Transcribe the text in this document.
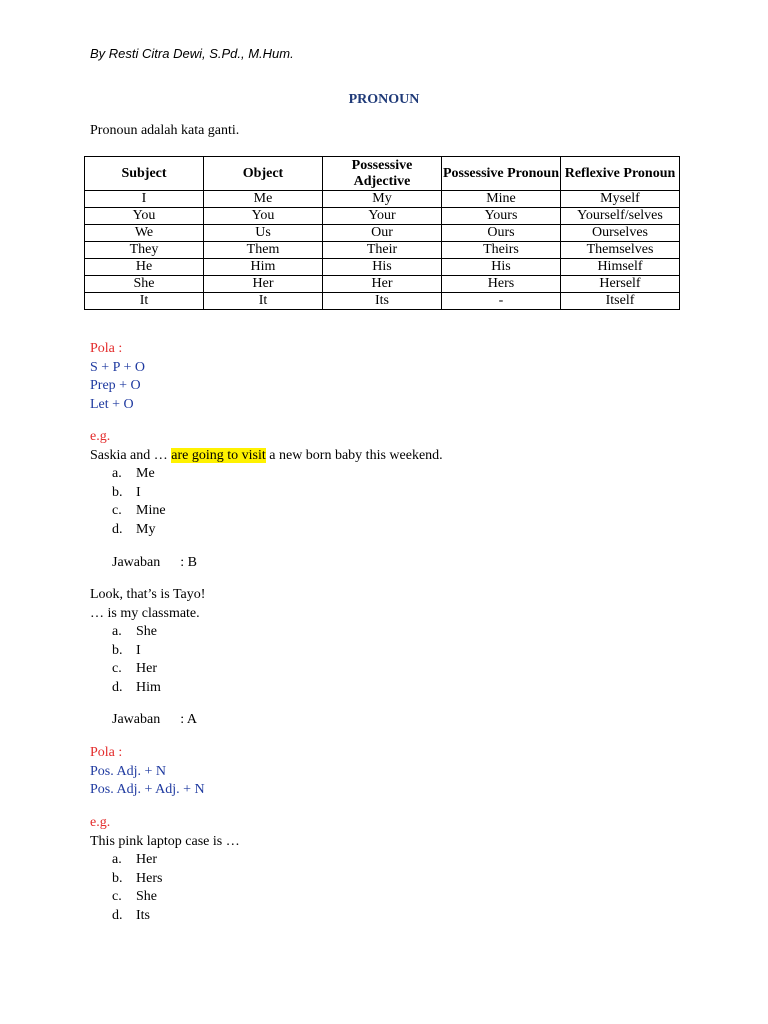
By Resti Citra Dewi, S.Pd., M.Hum.
PRONOUN
Pronoun adalah kata ganti.
Subject	Object	Possessive Adjective	Possessive Pronoun	Reflexive Pronoun
I	Me	My	Mine	Myself
You	You	Your	Yours	Yourself/selves
We	Us	Our	Ours	Ourselves
They	Them	Their	Theirs	Themselves
He	Him	His	His	Himself
She	Her	Her	Hers	Herself
It	It	Its	-	Itself
Pola :
S + P + O
Prep + O
Let + O
e.g.
Saskia and … are going to visit a new born baby this weekend.
a. Me
b. I
c. Mine
d. My
Jawaban : B
Look, that’s is Tayo!
… is my classmate.
a. She
b. I
c. Her
d. Him
Jawaban : A
Pola :
Pos. Adj. + N
Pos. Adj. + Adj. + N
e.g.
This pink laptop case is …
a. Her
b. Hers
c. She
d. Its
